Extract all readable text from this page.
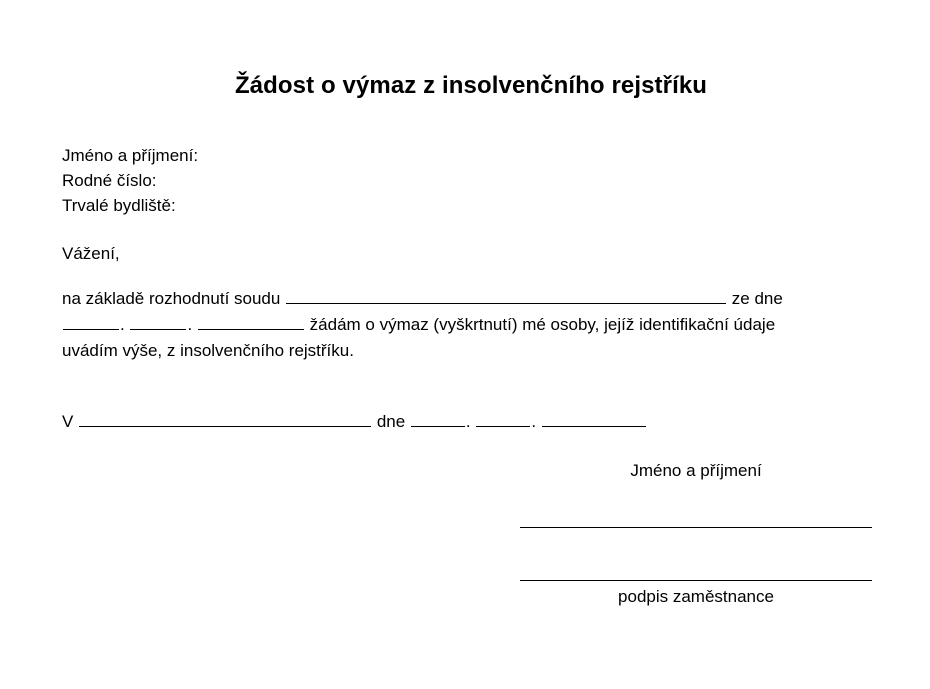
Žádost o výmaz z insolvenčního rejstříku
Jméno a příjmení:
Rodné číslo:
Trvalé bydliště:
Vážení,
na základě rozhodnutí soudu	ze dne
.	.	žádám o výmaz (vyškrtnutí) mé osoby, jejíž identifikační údaje
uvádím výše, z insolvenčního rejstříku.
V	dne	.	.
Jméno a příjmení
podpis zaměstnance
